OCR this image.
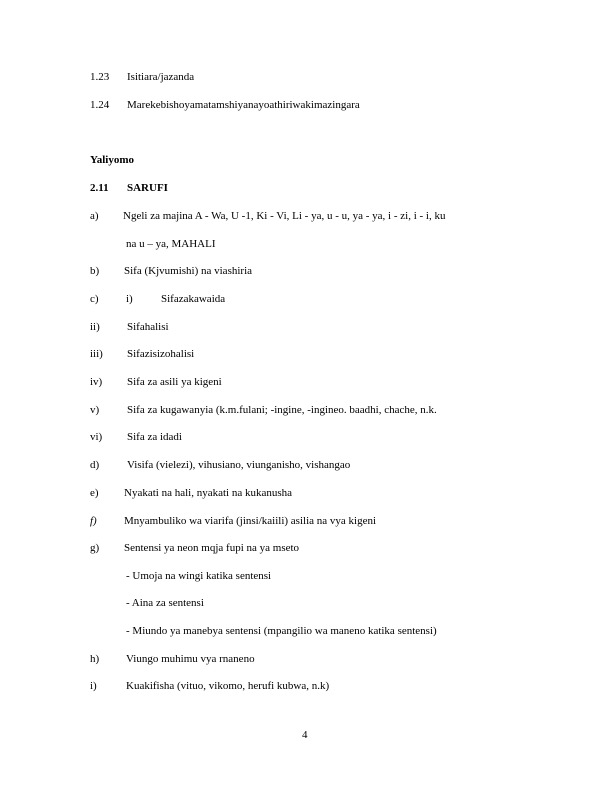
1.23 Isitiara/jazanda
1.24 Marekebishoyamatamshiyanayoathiriwakimazingara
Yaliyomo
2.11 SARUFI
a) Ngeli za majina A - Wa, U -1, Ki - Vi, Li - ya, u - u, ya - ya, i - zi, i - i, ku
na u – ya, MAHALI
b) Sifa (Kjvumishi) na viashiria
c) i)	Sifazakawaida
ii) Sifahalisi
iii) Sifazisizohalisi
iv) Sifa za asili ya kigeni
v)	Sifa za kugawanyia (k.m.fulani; -ingine, -ingineo. baadhi, chache, n.k.
vi) Sifa za idadi
d)	Visifa (vielezi), vihusiano, viunganisho, vishangao
e) Nyakati na hali, nyakati na kukanusha
f) Mnyambuliko wa viarifa (jinsi/kaiili) asilia na vya kigeni
g) Sentensi ya neon mqja fupi na ya mseto
- Umoja na wingi katika sentensi
- Aina za sentensi
- Miundo ya manebya sentensi (mpangilio wa maneno katika sentensi)
h) Viungo muhimu vya rnaneno
i)	Kuakifisha (vituo, vikomo, herufi kubwa, n.k)
4
